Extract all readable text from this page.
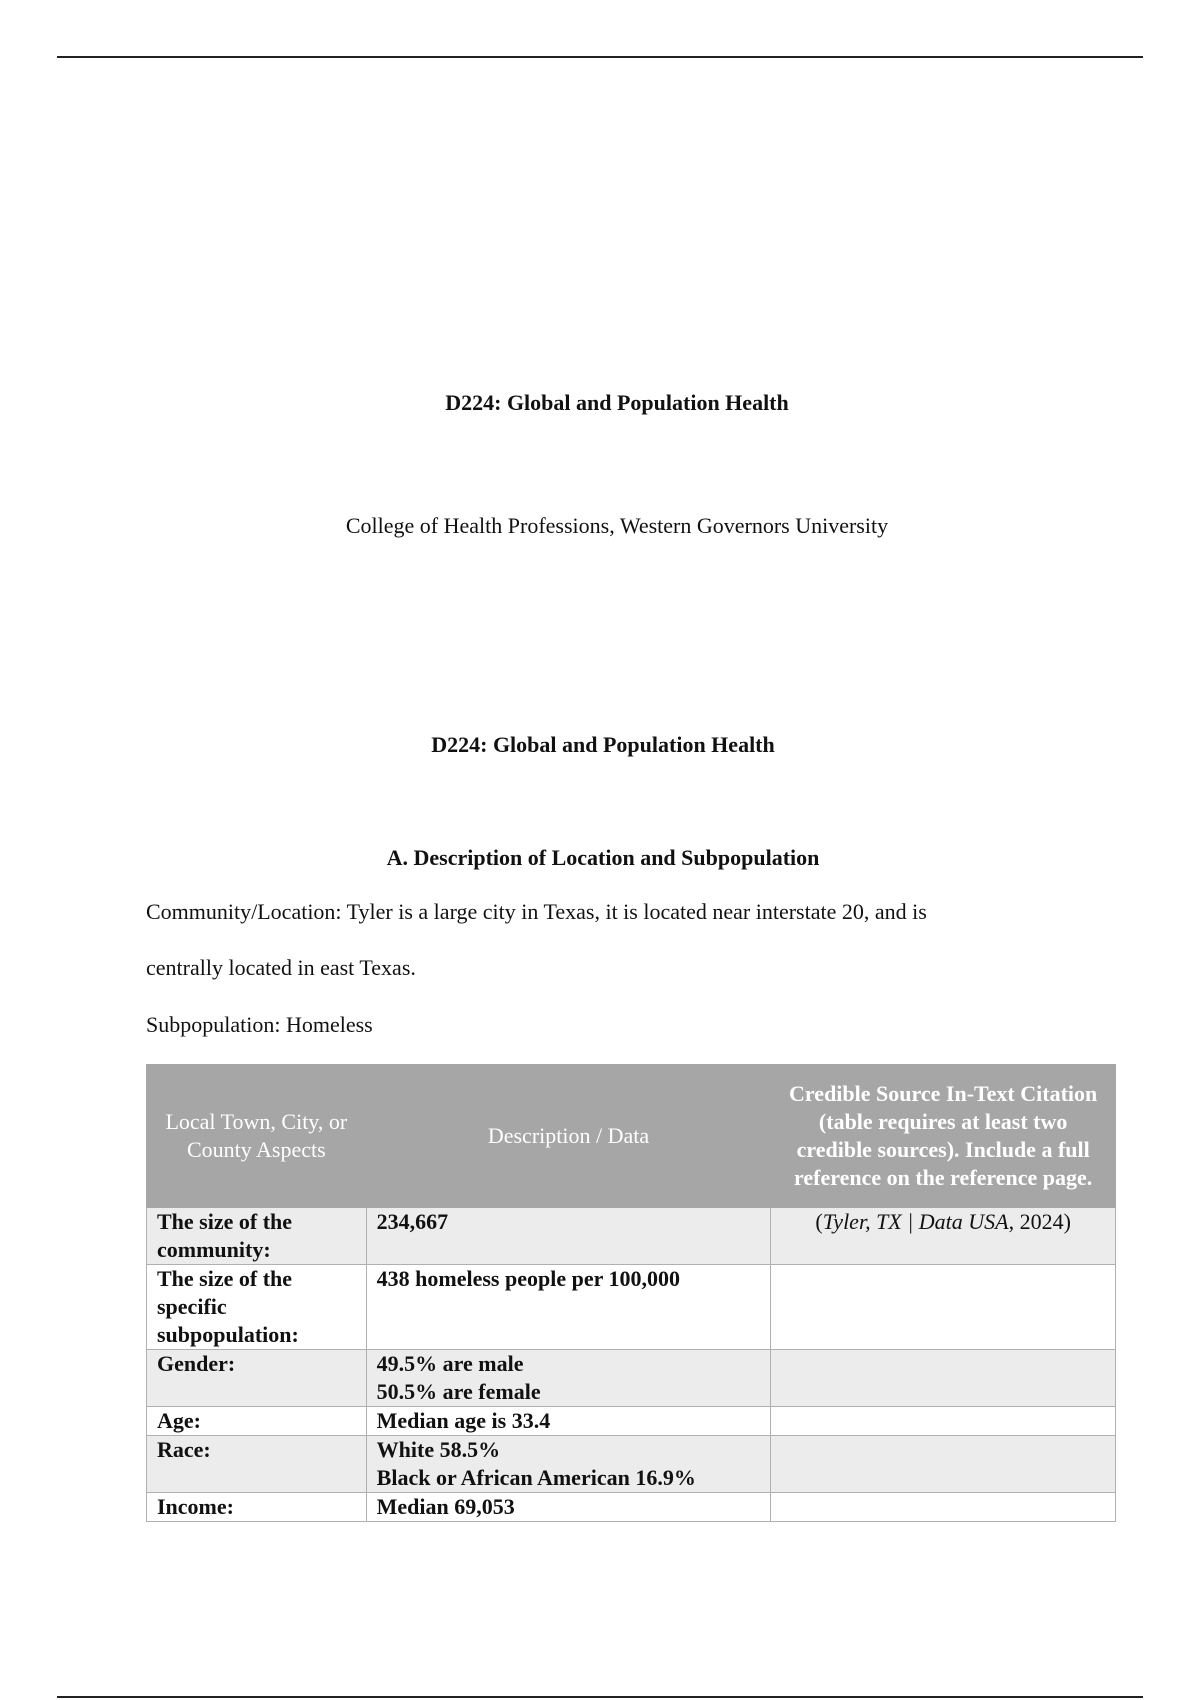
D224: Global and Population Health
College of Health Professions, Western Governors University
D224: Global and Population Health
A. Description of Location and Subpopulation
Community/Location: Tyler is a large city in Texas, it is located near interstate 20, and is
centrally located in east Texas.
Subpopulation: Homeless
Local Town, City, or County Aspects	Description / Data	Credible Source In-Text Citation (table requires at least two credible sources). Include a full reference on the reference page.
The size of the community:	234,667	(Tyler, TX | Data USA, 2024)
The size of the specific subpopulation:	438 homeless people per 100,000	

Gender:	49.5% are male
50.5% are female	

Age:	Median age is 33.4	

Race:	White 58.5%
Black or African American 16.9%	

Income:	Median 69,053	
